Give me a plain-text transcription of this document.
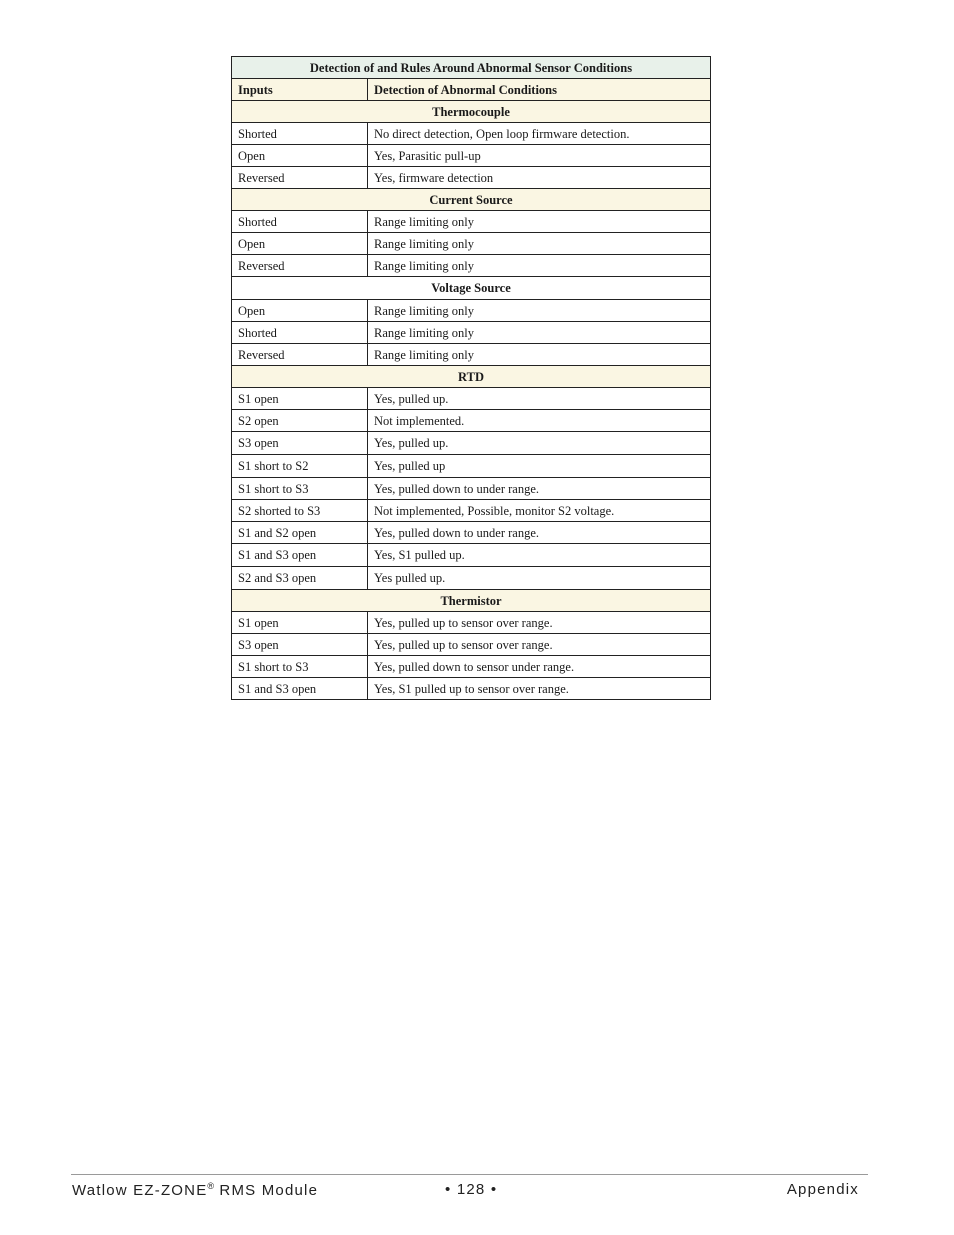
Detection of and Rules Around Abnormal Sensor Conditions	
Inputs	Detection of Abnormal Conditions
Thermocouple	
Shorted	No direct detection, Open loop firmware detection.
Open	Yes, Parasitic pull-up
Reversed	Yes, firmware detection
Current Source	
Shorted	Range limiting only
Open	Range limiting only
Reversed	Range limiting only
Voltage Source	
Open	Range limiting only
Shorted	Range limiting only
Reversed	Range limiting only
RTD	
S1 open	Yes, pulled up.
S2 open	Not implemented.
S3 open	Yes, pulled up.
S1 short to S2	Yes, pulled up
S1 short to S3	Yes, pulled down to under range.
S2 shorted to S3	Not implemented, Possible, monitor S2 voltage.
S1 and S2 open	Yes, pulled down to under range.
S1 and S3 open	Yes, S1 pulled up.
S2 and S3 open	Yes pulled up.
Thermistor	
S1 open	Yes, pulled up to sensor over range.
S3 open	Yes, pulled up to sensor over range.
S1 short to S3	Yes, pulled down to sensor under range.
S1 and S3 open	Yes, S1 pulled up to sensor over range.
Watlow EZ-ZONE® RMS Module	• 128 •	Appendix
